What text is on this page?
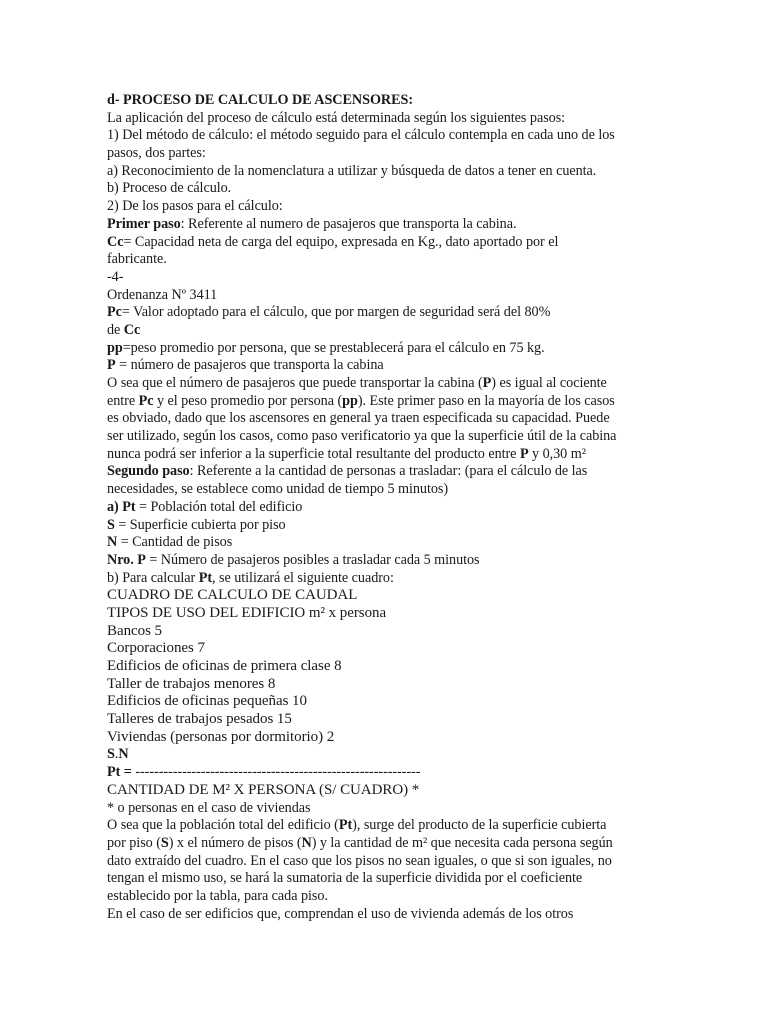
d- PROCESO DE CALCULO DE ASCENSORES:
La aplicación del proceso de cálculo está determinada según los siguientes pasos:
1) Del método de cálculo: el método seguido para el cálculo contempla en cada uno de los
pasos, dos partes:
a) Reconocimiento de la nomenclatura a utilizar y búsqueda de datos a tener en cuenta.
b) Proceso de cálculo.
2) De los pasos para el cálculo:
Primer paso: Referente al numero de pasajeros que transporta la cabina.
Cc= Capacidad neta de carga del equipo, expresada en Kg., dato aportado por el
fabricante.
-4-
Ordenanza Nº 3411
Pc= Valor adoptado para el cálculo, que por margen de seguridad será del 80%
de Cc
pp=peso promedio por persona, que se prestablecerá para el cálculo en 75 kg.
P = número de pasajeros que transporta la cabina
O sea que el número de pasajeros que puede transportar la cabina (P) es igual al cociente
entre Pc y el peso promedio por persona (pp). Este primer paso en la mayoría de los casos
es obviado, dado que los ascensores en general ya traen especificada su capacidad. Puede
ser utilizado, según los casos, como paso verificatorio ya que la superficie útil de la cabina
nunca podrá ser inferior a la superficie total resultante del producto entre P y 0,30 m²
Segundo paso: Referente a la cantidad de personas a trasladar: (para el cálculo de las
necesidades, se establece como unidad de tiempo 5 minutos)
a) Pt = Población total del edificio
S = Superficie cubierta por piso
N = Cantidad de pisos
Nro. P = Número de pasajeros posibles a trasladar cada 5 minutos
b) Para calcular Pt, se utilizará el siguiente cuadro:
CUADRO DE CALCULO DE CAUDAL
TIPOS DE USO DEL EDIFICIO m² x persona
Bancos 5
Corporaciones 7
Edificios de oficinas de primera clase 8
Taller de trabajos menores 8
Edificios de oficinas pequeñas 10
Talleres de trabajos pesados 15
Viviendas (personas por dormitorio) 2
S.N
Pt = -------------------------------------------------------------
CANTIDAD DE M² X PERSONA (S/ CUADRO) *
* o personas en el caso de viviendas
O sea que la población total del edificio (Pt), surge del producto de la superficie cubierta
por piso (S) x el número de pisos (N) y la cantidad de m² que necesita cada persona según
dato extraído del cuadro. En el caso que los pisos no sean iguales, o que si son iguales, no
tengan el mismo uso, se hará la sumatoria de la superficie dividida por el coeficiente
establecido por la tabla, para cada piso.
En el caso de ser edificios que, comprendan el uso de vivienda además de los otros
